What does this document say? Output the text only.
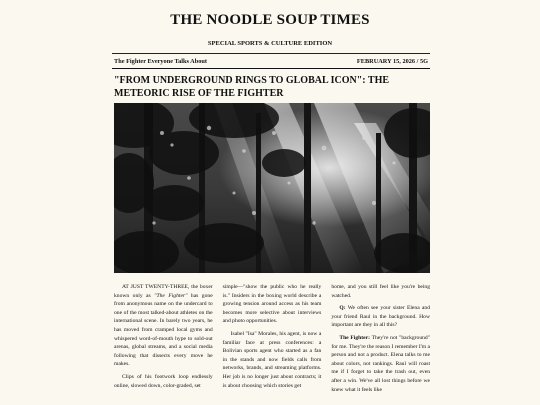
THE NOODLE SOUP TIMES
SPECIAL SPORTS & CULTURE EDITION
The Fighter Everyone Talks About	FEBRUARY 15, 2026 / 5G
"FROM UNDERGROUND RINGS TO GLOBAL ICON": THE METEORIC RISE OF THE FIGHTER

AT JUST TWENTY-THREE, the boxer known only as "The Fighter" has gone from anonymous name on the undercard to one of the most talked-about athletes on the international scene. In barely two years, he has moved from cramped local gyms and whispered word-of-mouth hype to sold-out arenas, global streams, and a social media following that dissects every move he makes.

Clips of his footwork loop endlessly online, slowed down, color-graded, set

simple—"show the public who he really is." Insiders in the boxing world describe a growing tension around access as his team becomes more selective about interviews and photo opportunities.

Isabel "Isa" Morales, his agent, is now a familiar face at press conferences: a Bolivian sports agent who started as a fan in the stands and now fields calls from networks, brands, and streaming platforms. Her job is no longer just about contracts; it is about choosing which stories get

home, and you still feel like you're being watched.

Q: We often see your sister Elena and your friend Raul in the background. How important are they in all this?

The Fighter: They're not "background" for me. They're the reason I remember I'm a person and not a product. Elena talks to me about colors, not rankings. Raul will roast me if I forget to take the trash out, even after a win. We've all lost things before we knew what it feels like
